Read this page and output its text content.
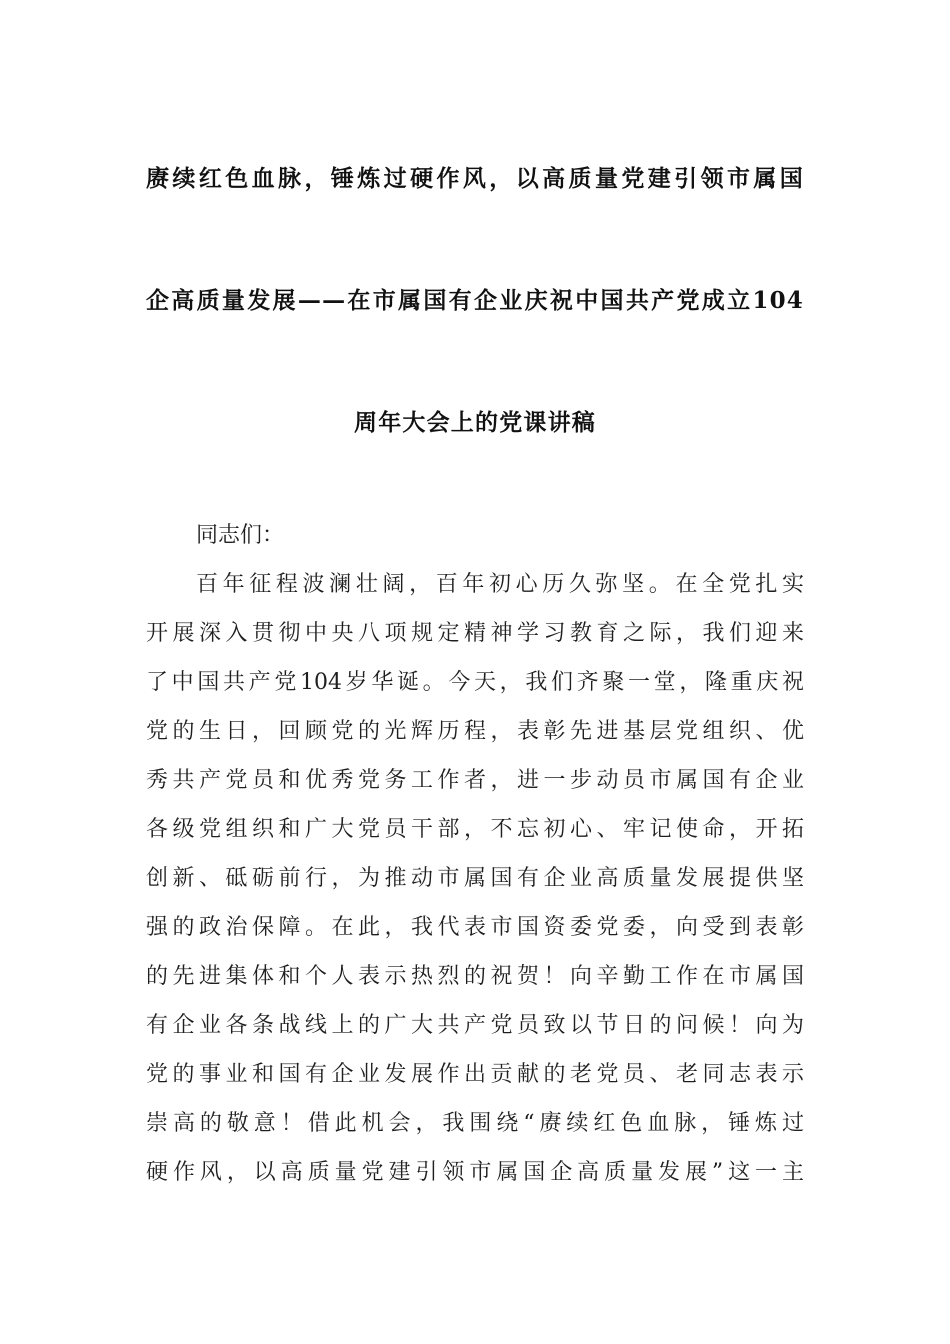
赓续红色血脉，锤炼过硬作风，以高质量党建引领市属国
企高质量发展——在市属国有企业庆祝中国共产党成立104
周年大会上的党课讲稿
同志们：
百年征程波澜壮阔，百年初心历久弥坚。在全党扎实
开展深入贯彻中央八项规定精神学习教育之际，我们迎来
了中国共产党104岁华诞。今天，我们齐聚一堂，隆重庆祝
党的生日，回顾党的光辉历程，表彰先进基层党组织、优
秀共产党员和优秀党务工作者，进一步动员市属国有企业
各级党组织和广大党员干部，不忘初心、牢记使命，开拓
创新、砥砺前行，为推动市属国有企业高质量发展提供坚
强的政治保障。在此，我代表市国资委党委，向受到表彰
的先进集体和个人表示热烈的祝贺！向辛勤工作在市属国
有企业各条战线上的广大共产党员致以节日的问候！向为
党的事业和国有企业发展作出贡献的老党员、老同志表示
崇高的敬意！借此机会，我围绕“赓续红色血脉，锤炼过
硬作风，以高质量党建引领市属国企高质量发展”这一主
